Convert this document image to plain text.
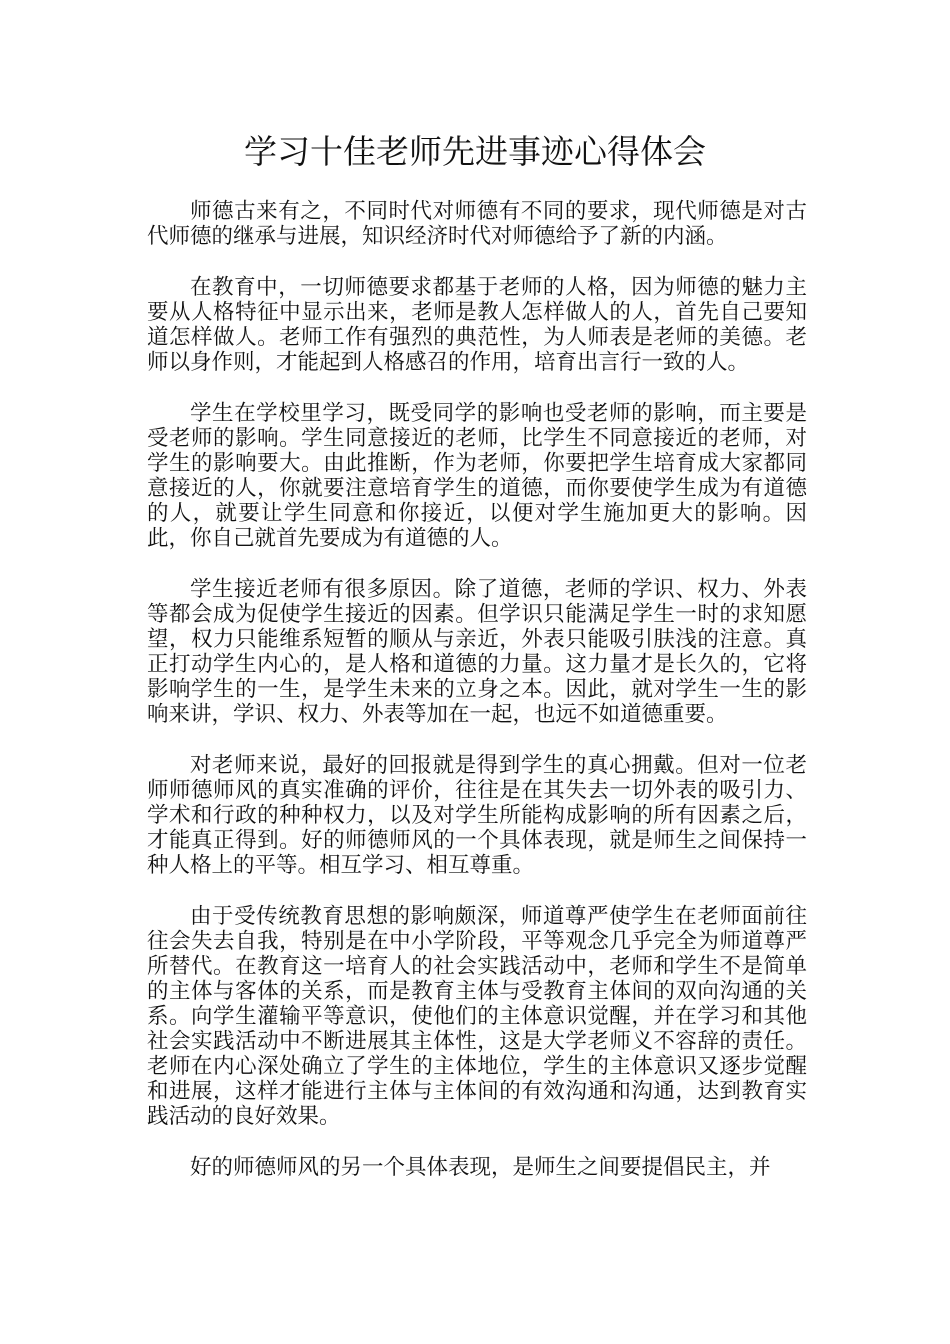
学习十佳老师先进事迹心得体会

师德古来有之，不同时代对师德有不同的要求，现代师德是对古代师德的继承与进展，知识经济时代对师德给予了新的内涵。

在教育中，一切师德要求都基于老师的人格，因为师德的魅力主要从人格特征中显示出来，老师是教人怎样做人的人，首先自己要知道怎样做人。老师工作有强烈的典范性，为人师表是老师的美德。老师以身作则，才能起到人格感召的作用，培育出言行一致的人。

学生在学校里学习，既受同学的影响也受老师的影响，而主要是受老师的影响。学生同意接近的老师，比学生不同意接近的老师，对学生的影响要大。由此推断，作为老师，你要把学生培育成大家都同意接近的人，你就要注意培育学生的道德，而你要使学生成为有道德的人，就要让学生同意和你接近，以便对学生施加更大的影响。因此，你自己就首先要成为有道德的人。

学生接近老师有很多原因。除了道德，老师的学识、权力、外表等都会成为促使学生接近的因素。但学识只能满足学生一时的求知愿望，权力只能维系短暂的顺从与亲近，外表只能吸引肤浅的注意。真正打动学生内心的，是人格和道德的力量。这力量才是长久的，它将影响学生的一生，是学生未来的立身之本。因此，就对学生一生的影响来讲，学识、权力、外表等加在一起，也远不如道德重要。

对老师来说，最好的回报就是得到学生的真心拥戴。但对一位老师师德师风的真实准确的评价，往往是在其失去一切外表的吸引力、学术和行政的种种权力，以及对学生所能构成影响的所有因素之后，才能真正得到。好的师德师风的一个具体表现，就是师生之间保持一种人格上的平等。相互学习、相互尊重。

由于受传统教育思想的影响颇深，师道尊严使学生在老师面前往往会失去自我，特别是在中小学阶段，平等观念几乎完全为师道尊严所替代。在教育这一培育人的社会实践活动中，老师和学生不是简单的主体与客体的关系，而是教育主体与受教育主体间的双向沟通的关系。向学生灌输平等意识，使他们的主体意识觉醒，并在学习和其他社会实践活动中不断进展其主体性，这是大学老师义不容辞的责任。老师在内心深处确立了学生的主体地位，学生的主体意识又逐步觉醒和进展，这样才能进行主体与主体间的有效沟通和沟通，达到教育实践活动的良好效果。

好的师德师风的另一个具体表现，是师生之间要提倡民主，并
